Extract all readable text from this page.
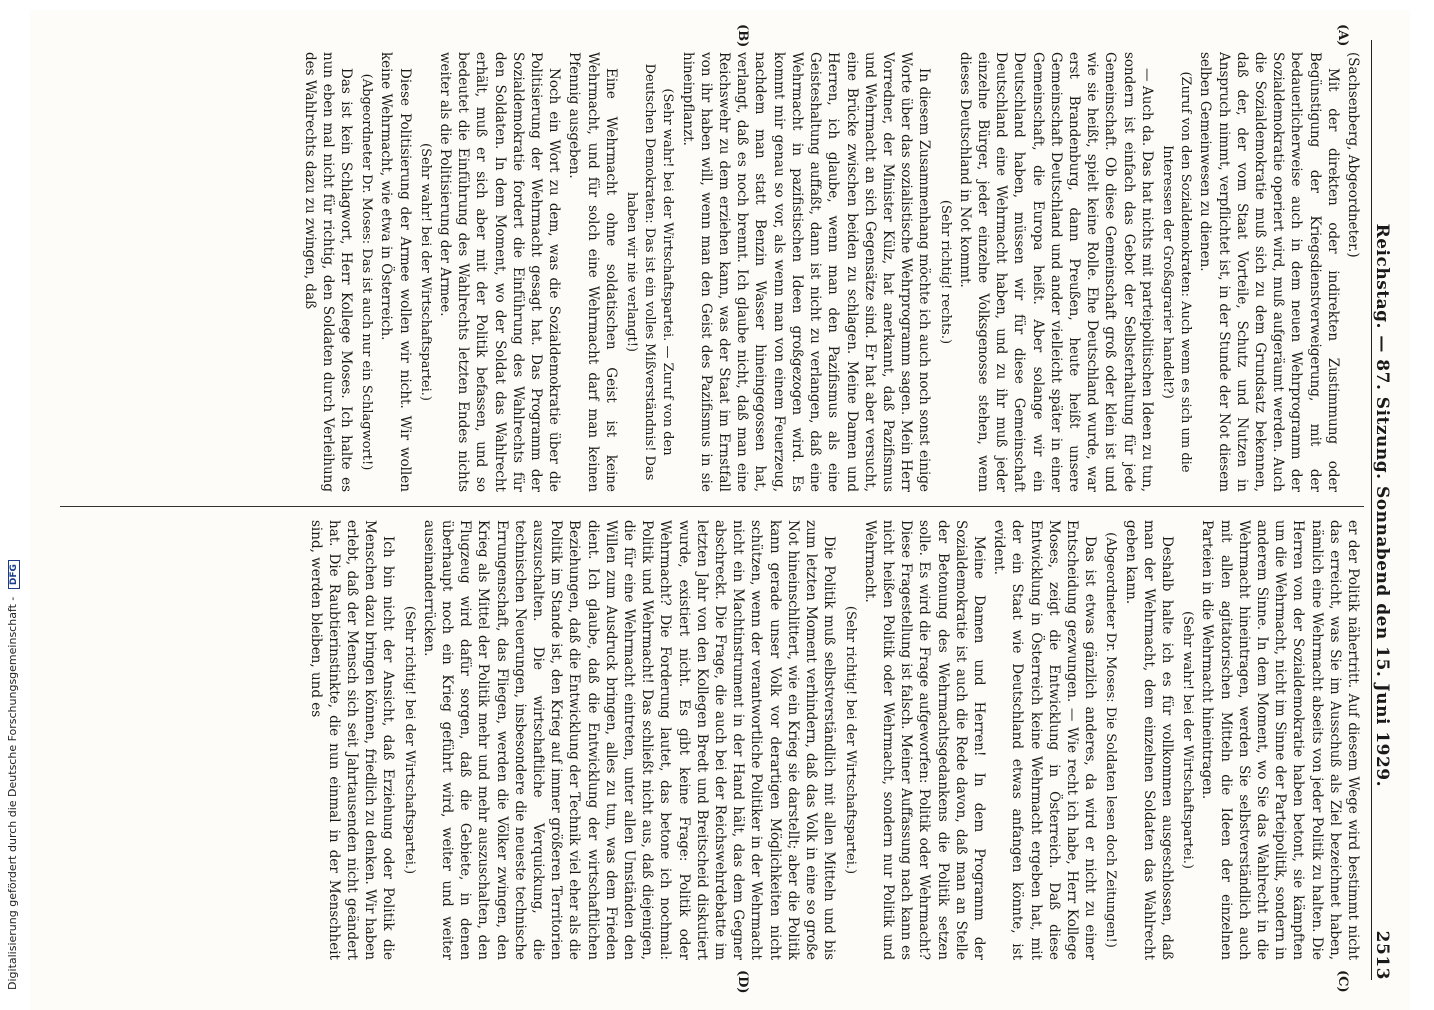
Reichstag. — 87. Sitzung. Sonnabend den 15. Juni 1929.
2513
(A)
(B)
(C)
(D)

(Sachsenberg, Abgeordneter.)

Mit der direkten oder indirekten Zustimmung oder Begünstigung der Kriegsdienstverweigerung, mit der bedauerlicherweise auch in dem neuen Wehrprogramm der Sozialdemokratie operiert wird, muß aufgeräumt werden. Auch die Sozialdemokratie muß sich zu dem Grundsatz bekennen, daß der, der vom Staat Vorteile, Schutz und Nutzen in Anspruch nimmt, verpflichtet ist, in der Stunde der Not diesem selben Gemeinwesen zu dienen.

(Zuruf von den Sozialdemokraten: Auch wenn es sich um die Interessen der Großagrarier handelt?)

— Auch da. Das hat nichts mit parteipolitischen Ideen zu tun, sondern ist einfach das Gebot der Selbsterhaltung für jede Gemeinschaft. Ob diese Gemeinschaft groß oder klein ist und wie sie heißt, spielt keine Rolle. Ehe Deutschland wurde, war erst Brandenburg, dann Preußen, heute heißt unsere Gemeinschaft Deutschland und ander vielleicht später in einer Gemeinschaft, die Europa heißt. Aber solange wir ein Deutschland haben, müssen wir für diese Gemeinschaft Deutschland eine Wehrmacht haben, und zu ihr muß jeder einzelne Bürger, jeder einzelne Volksgenosse stehen, wenn dieses Deutschland in Not kommt.

(Sehr richtig! rechts.)

In diesem Zusammenhang möchte ich auch noch sonst einige Worte über das sozialistische Wehrprogramm sagen. Mein Herr Vorredner, der Minister Külz, hat anerkannt, daß Pazifismus und Wehrmacht an sich Gegensätze sind. Er hat aber versucht, eine Brücke zwischen beiden zu schlagen. Meine Damen und Herren, ich glaube, wenn man den Pazifismus als eine Geisteshaltung auffaßt, dann ist nicht zu verlangen, daß eine Wehrmacht in pazifistischen Ideen großgezogen wird. Es kommt mir genau so vor, als wenn man von einem Feuerzeug, nachdem man statt Benzin Wasser hineingegossen hat, verlangt, daß es noch brennt. Ich glaube nicht, daß man eine Reichswehr zu dem erziehen kann, was der Staat im Ernstfall von ihr haben will, wenn man den Geist des Pazifismus in sie hineinpflanzt.

(Sehr wahr! bei der Wirtschaftspartei. — Zuruf von den Deutschen Demokraten: Das ist ein volles Mißverständnis! Das haben wir nie verlangt!)

Eine Wehrmacht ohne soldatischen Geist ist keine Wehrmacht, und für solch eine Wehrmacht darf man keinen Pfennig ausgeben.

Noch ein Wort zu dem, was die Sozialdemokratie über die Politisierung der Wehrmacht gesagt hat. Das Programm der Sozialdemokratie fordert die Einführung des Wahlrechts für den Soldaten. In dem Moment, wo der Soldat das Wahlrecht erhält, muß er sich aber mit der Politik befassen, und so bedeutet die Einführung des Wahlrechts letzten Endes nichts weiter als die Politisierung der Armee.

(Sehr wahr! bei der Wirtschaftspartei.)

Diese Politisierung der Armee wollen wir nicht. Wir wollen keine Wehrmacht, wie etwa in Österreich.

(Abgeordneter Dr. Moses: Das ist auch nur ein Schlagwort!)

Das ist kein Schlagwort, Herr Kollege Moses. Ich halte es nun eben mal nicht für richtig, den Soldaten durch Verleihung des Wahlrechts dazu zu zwingen, daß

er der Politik nähertritt. Auf diesem Wege wird bestimmt nicht das erreicht, was Sie im Ausschuß als Ziel bezeichnet haben, nämlich eine Wehrmacht abseits von jeder Politik zu halten. Die Herren von der Sozialdemokratie haben betont, sie kämpften um die Wehrmacht, nicht im Sinne der Parteipolitik, sondern in anderem Sinne. In dem Moment, wo Sie das Wahlrecht in die Wehrmacht hineintragen, werden Sie selbstverständlich auch mit allen agitatorischen Mitteln die Ideen der einzelnen Parteien in die Wehrmacht hineintragen.

(Sehr wahr! bei der Wirtschaftspartei.)

Deshalb halte ich es für vollkommen ausgeschlossen, daß man der Wehrmacht, dem einzelnen Soldaten das Wahlrecht geben kann.

(Abgeordneter Dr. Moses: Die Soldaten lesen doch Zeitungen!)

Das ist etwas gänzlich anderes, da wird er nicht zu einer Entscheidung gezwungen. — Wie recht ich habe, Herr Kollege Moses, zeigt die Entwicklung in Österreich. Daß diese Entwicklung in Österreich keine Wehrmacht ergeben hat, mit der ein Staat wie Deutschland etwas anfangen könnte, ist evident.

Meine Damen und Herren! In dem Programm der Sozialdemokratie ist auch die Rede davon, daß man an Stelle der Betonung des Wehrmachtsgedankens die Politik setzen solle. Es wird die Frage aufgeworfen: Politik oder Wehrmacht? Diese Fragestellung ist falsch. Meiner Auffassung nach kann es nicht heißen Politik oder Wehrmacht, sondern nur Politik und Wehrmacht.

(Sehr richtig! bei der Wirtschaftspartei.)

Die Politik muß selbstverständlich mit allen Mitteln und bis zum letzten Moment verhindern, daß das Volk in eine so große Not hineinschlittert, wie ein Krieg sie darstellt; aber die Politik kann gerade unser Volk vor derartigen Möglichkeiten nicht schützen, wenn der verantwortliche Politiker in der Wehrmacht nicht ein Machtinstrument in der Hand hält, das dem Gegner abschreckt. Die Frage, die auch bei der Reichswehrdebatte im letzten Jahr von den Kollegen Bredt und Breitscheid diskutiert wurde, existiert nicht. Es gibt keine Frage: Politik oder Wehrmacht? Die Forderung lautet, das betone ich nochmal: Politik und Wehrmacht! Das schließt nicht aus, daß diejenigen, die für eine Wehrmacht eintreten, unter allen Umständen den Willen zum Ausdruck bringen, alles zu tun, was dem Frieden dient. Ich glaube, daß die Entwicklung der wirtschaftlichen Beziehungen, daß die Entwicklung der Technik viel eher als die Politik im Stande ist, den Krieg auf immer größeren Territorien auszuschalten. Die wirtschaftliche Verquickung, die technischen Neuerungen, insbesondere die neueste technische Errungenschaft, das Fliegen, werden die Völker zwingen, den Krieg als Mittel der Politik mehr und mehr auszuschalten, den Flugzeug wird dafür sorgen, daß die Gebiete, in denen überhaupt noch ein Krieg geführt wird, weiter und weiter auseinanderrücken.

(Sehr richtig! bei der Wirtschaftspartei.)

Ich bin nicht der Ansicht, daß Erziehung oder Politik die Menschen dazu bringen können, friedlich zu denken. Wir haben erlebt, daß der Mensch sich seit Jahrtausenden nicht geändert hat. Die Raubtierinstinkte, die nun einmal in der Menschheit sind, werden bleiben, und es

Digitalisierung gefördert durch die Deutsche Forschungsgemeinschaft - DFG
